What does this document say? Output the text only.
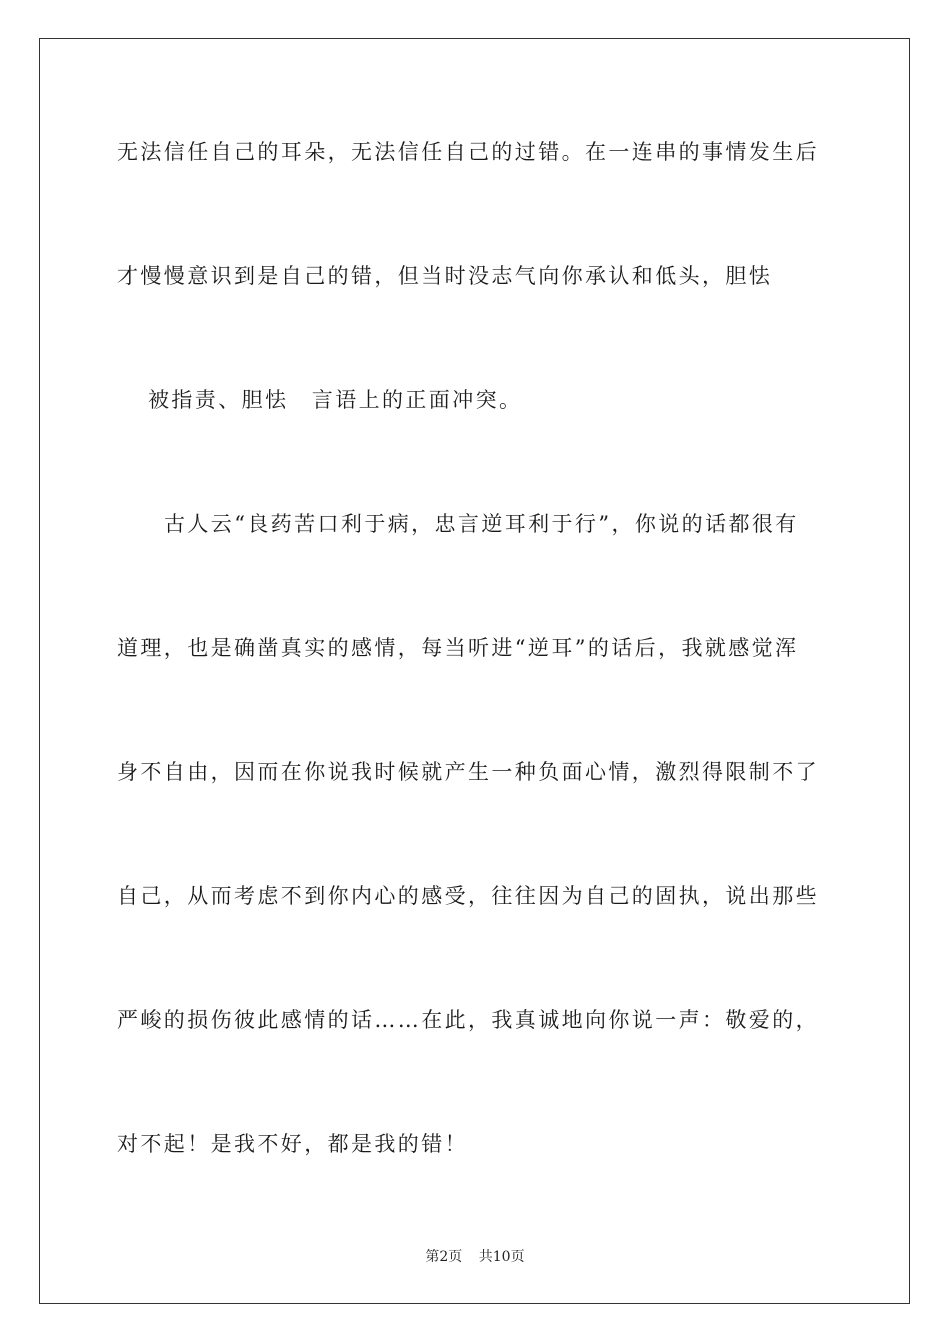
无法信任自己的耳朵，无法信任自己的过错。在一连串的事情发生后
才慢慢意识到是自己的错，但当时没志气向你承认和低头，胆怯
被指责、胆怯　言语上的正面冲突。
古人云“良药苦口利于病，忠言逆耳利于行”，你说的话都很有
道理，也是确凿真实的感情，每当听进“逆耳”的话后，我就感觉浑
身不自由，因而在你说我时候就产生一种负面心情，激烈得限制不了
自己，从而考虑不到你内心的感受，往往因为自己的固执，说出那些
严峻的损伤彼此感情的话……在此，我真诚地向你说一声：敬爱的，
对不起！是我不好，都是我的错！
第2页 共10页
